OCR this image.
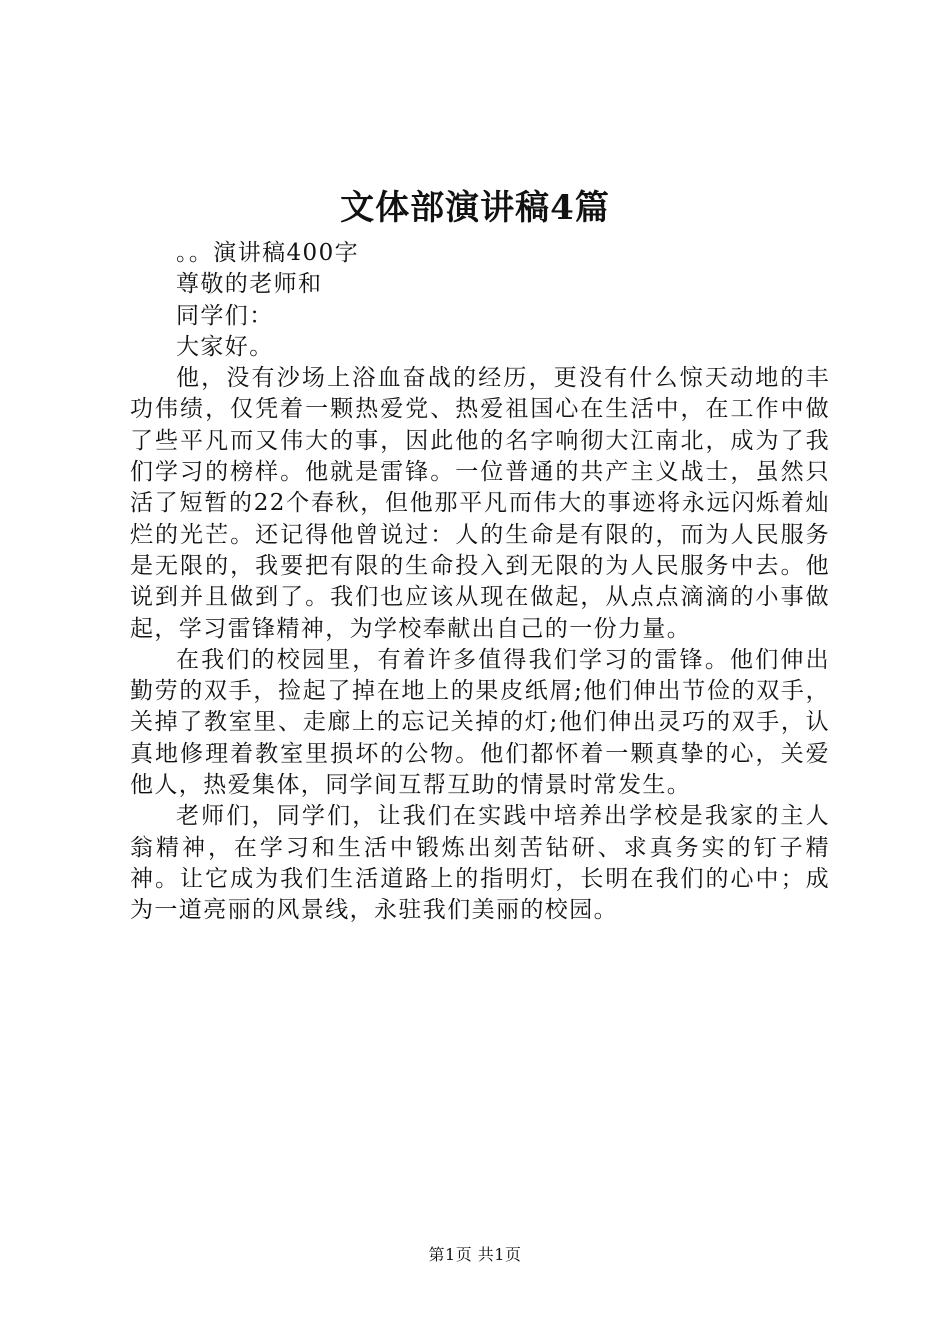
文体部演讲稿4篇

。。演讲稿400字

尊敬的老师和

同学们：

大家好。

他，没有沙场上浴血奋战的经历，更没有什么惊天动地的丰功伟绩，仅凭着一颗热爱党、热爱祖国心在生活中，在工作中做了些平凡而又伟大的事，因此他的名字响彻大江南北，成为了我们学习的榜样。他就是雷锋。一位普通的共产主义战士，虽然只活了短暂的22个春秋，但他那平凡而伟大的事迹将永远闪烁着灿烂的光芒。还记得他曾说过：人的生命是有限的，而为人民服务是无限的，我要把有限的生命投入到无限的为人民服务中去。他说到并且做到了。我们也应该从现在做起，从点点滴滴的小事做起，学习雷锋精神，为学校奉献出自己的一份力量。

在我们的校园里，有着许多值得我们学习的雷锋。他们伸出勤劳的双手，捡起了掉在地上的果皮纸屑;他们伸出节俭的双手，关掉了教室里、走廊上的忘记关掉的灯;他们伸出灵巧的双手，认真地修理着教室里损坏的公物。他们都怀着一颗真挚的心，关爱他人，热爱集体，同学间互帮互助的情景时常发生。

老师们，同学们，让我们在实践中培养出学校是我家的主人翁精神，在学习和生活中锻炼出刻苦钻研、求真务实的钉子精神。让它成为我们生活道路上的指明灯，长明在我们的心中；成为一道亮丽的风景线，永驻我们美丽的校园。

第1页 共1页
